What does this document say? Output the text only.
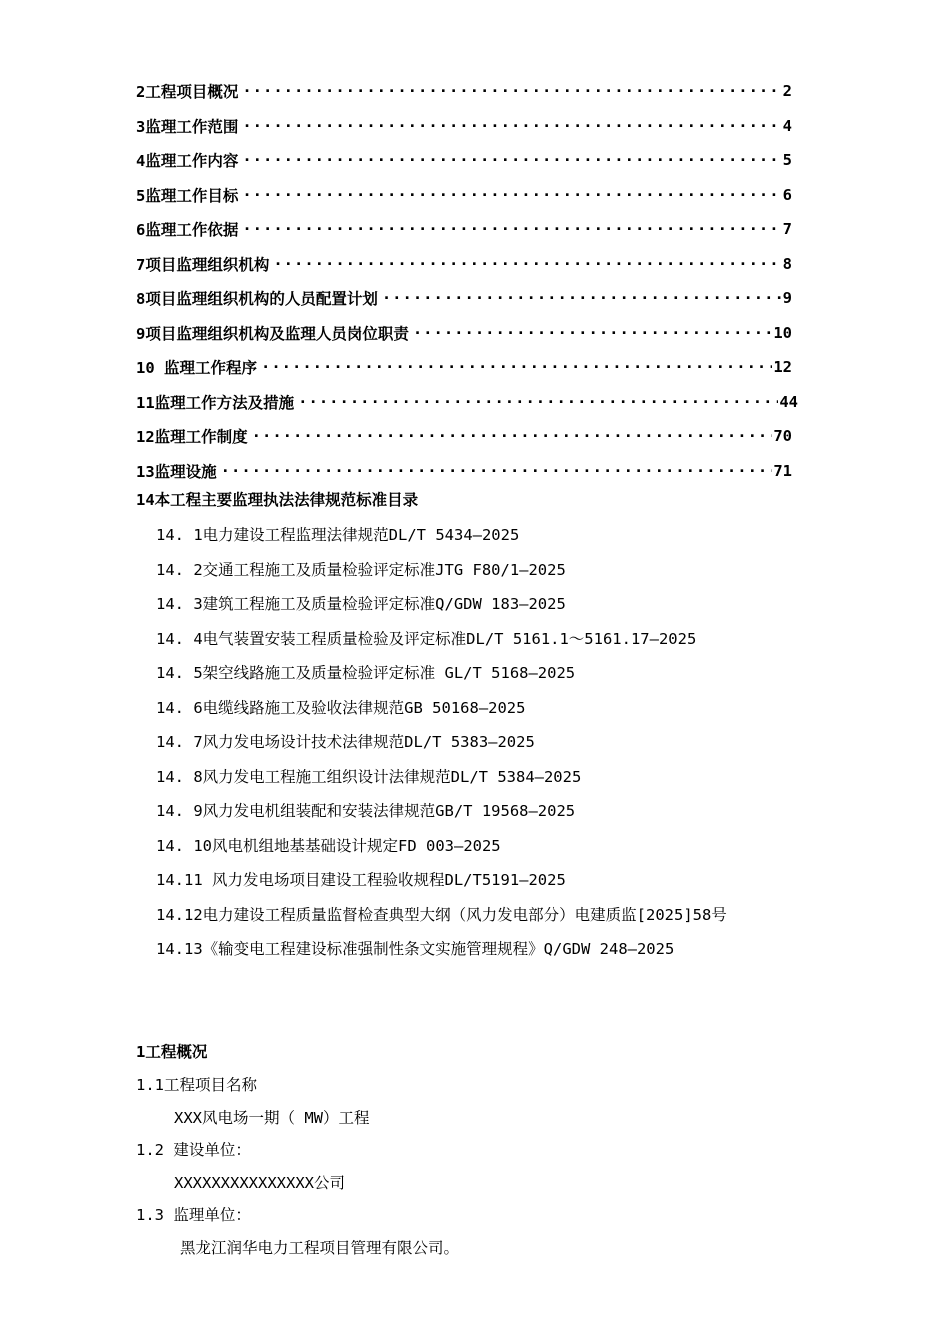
2工程项目概况 ·····	2
3监理工作范围 ·····	4
4监理工作内容 ·····	5
5监理工作目标 ·····	6
6监理工作依据 ·····	7
7项目监理组织机构 ·····	8
8项目监理组织机构的人员配置计划 ·····	9
9项目监理组织机构及监理人员岗位职责 ·····	10
10 监理工作程序 ·····	12
11监理工作方法及措施 ·····	44
12监理工作制度 ·····	70
13监理设施 ·····	71
14本工程主要监理执法法律规范标准目录
14. 1电力建设工程监理法律规范DL/T 5434—2025
14. 2交通工程施工及质量检验评定标准JTG F80/1—2025
14. 3建筑工程施工及质量检验评定标准Q/GDW 183—2025
14. 4电气装置安装工程质量检验及评定标准DL/T 5161.1～5161.17—2025
14. 5架空线路施工及质量检验评定标准 GL/T 5168—2025
14. 6电缆线路施工及验收法律规范GB 50168—2025
14. 7风力发电场设计技术法律规范DL/T 5383—2025
14. 8风力发电工程施工组织设计法律规范DL/T 5384—2025
14. 9风力发电机组装配和安装法律规范GB/T 19568—2025
14. 10风电机组地基基础设计规定FD 003—2025
14.11 风力发电场项目建设工程验收规程DL/T5191—2025
14.12电力建设工程质量监督检查典型大纲（风力发电部分）电建质监[2025]58号
14.13《输变电工程建设标准强制性条文实施管理规程》Q/GDW 248—2025
1工程概况
1.1工程项目名称
XXX风电场一期（ MW）工程
1.2 建设单位：
XXXXXXXXXXXXXXX公司
1.3 监理单位：
黑龙江润华电力工程项目管理有限公司。
